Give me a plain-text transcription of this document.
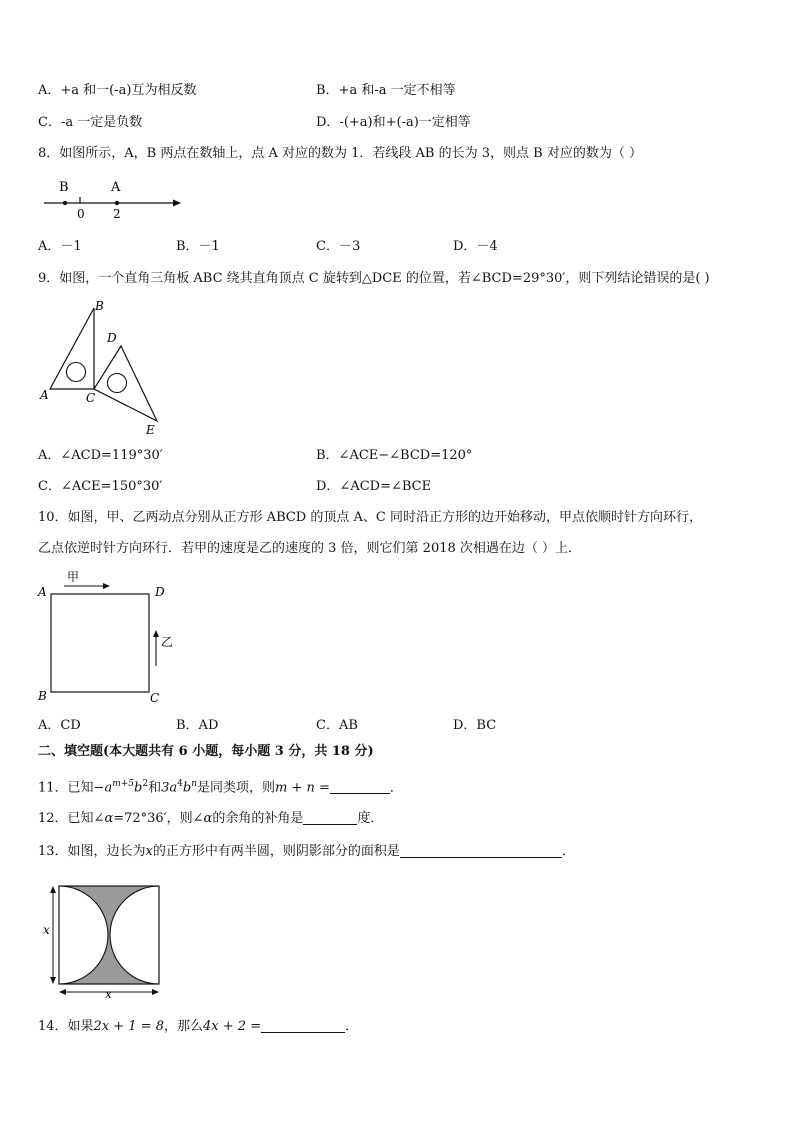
A．+a 和一(-a)互为相反数	B．+a 和-a 一定不相等
C．-a 一定是负数	D．-(+a)和+(-a)一定相等
8．如图所示，A，B 两点在数轴上，点 A 对应的数为 1．若线段 AB 的长为 3，则点 B 对应的数为（ ）
B	A
0 2
A．－1	B．－1	C．－3	D．－4
9．如图，一个直角三角板 ABC 绕其直角顶点 C 旋转到△DCE 的位置，若∠BCD=29°30′，则下列结论错误的是( )
A
B
C
D
E
A．∠ACD=119°30′	B．∠ACE−∠BCD=120°
C．∠ACE=150°30′	D．∠ACD=∠BCE
10．如图，甲、乙两动点分别从正方形 ABCD 的顶点 A、C 同时沿正方形的边开始移动，甲点依顺时针方向环行，
乙点依逆时针方向环行．若甲的速度是乙的速度的 3 倍，则它们第 2018 次相遇在边（ ）上．
A	D
B	C
甲
乙
A．CD	B．AD	C．AB	D．BC
二、填空题(本大题共有 6 小题，每小题 3 分，共 18 分)
11．已知$-a^{m+5}b^2$和$3a^4b^n$是同类项，则m + n =	．
12．已知∠α=72°36′，则∠α的余角的补角是	度．
13．如图，边长为x的正方形中有两半圆，则阴影部分的面积是	．
x
x
14．如果2x + 1 = 8，那么4x + 2 =	．
